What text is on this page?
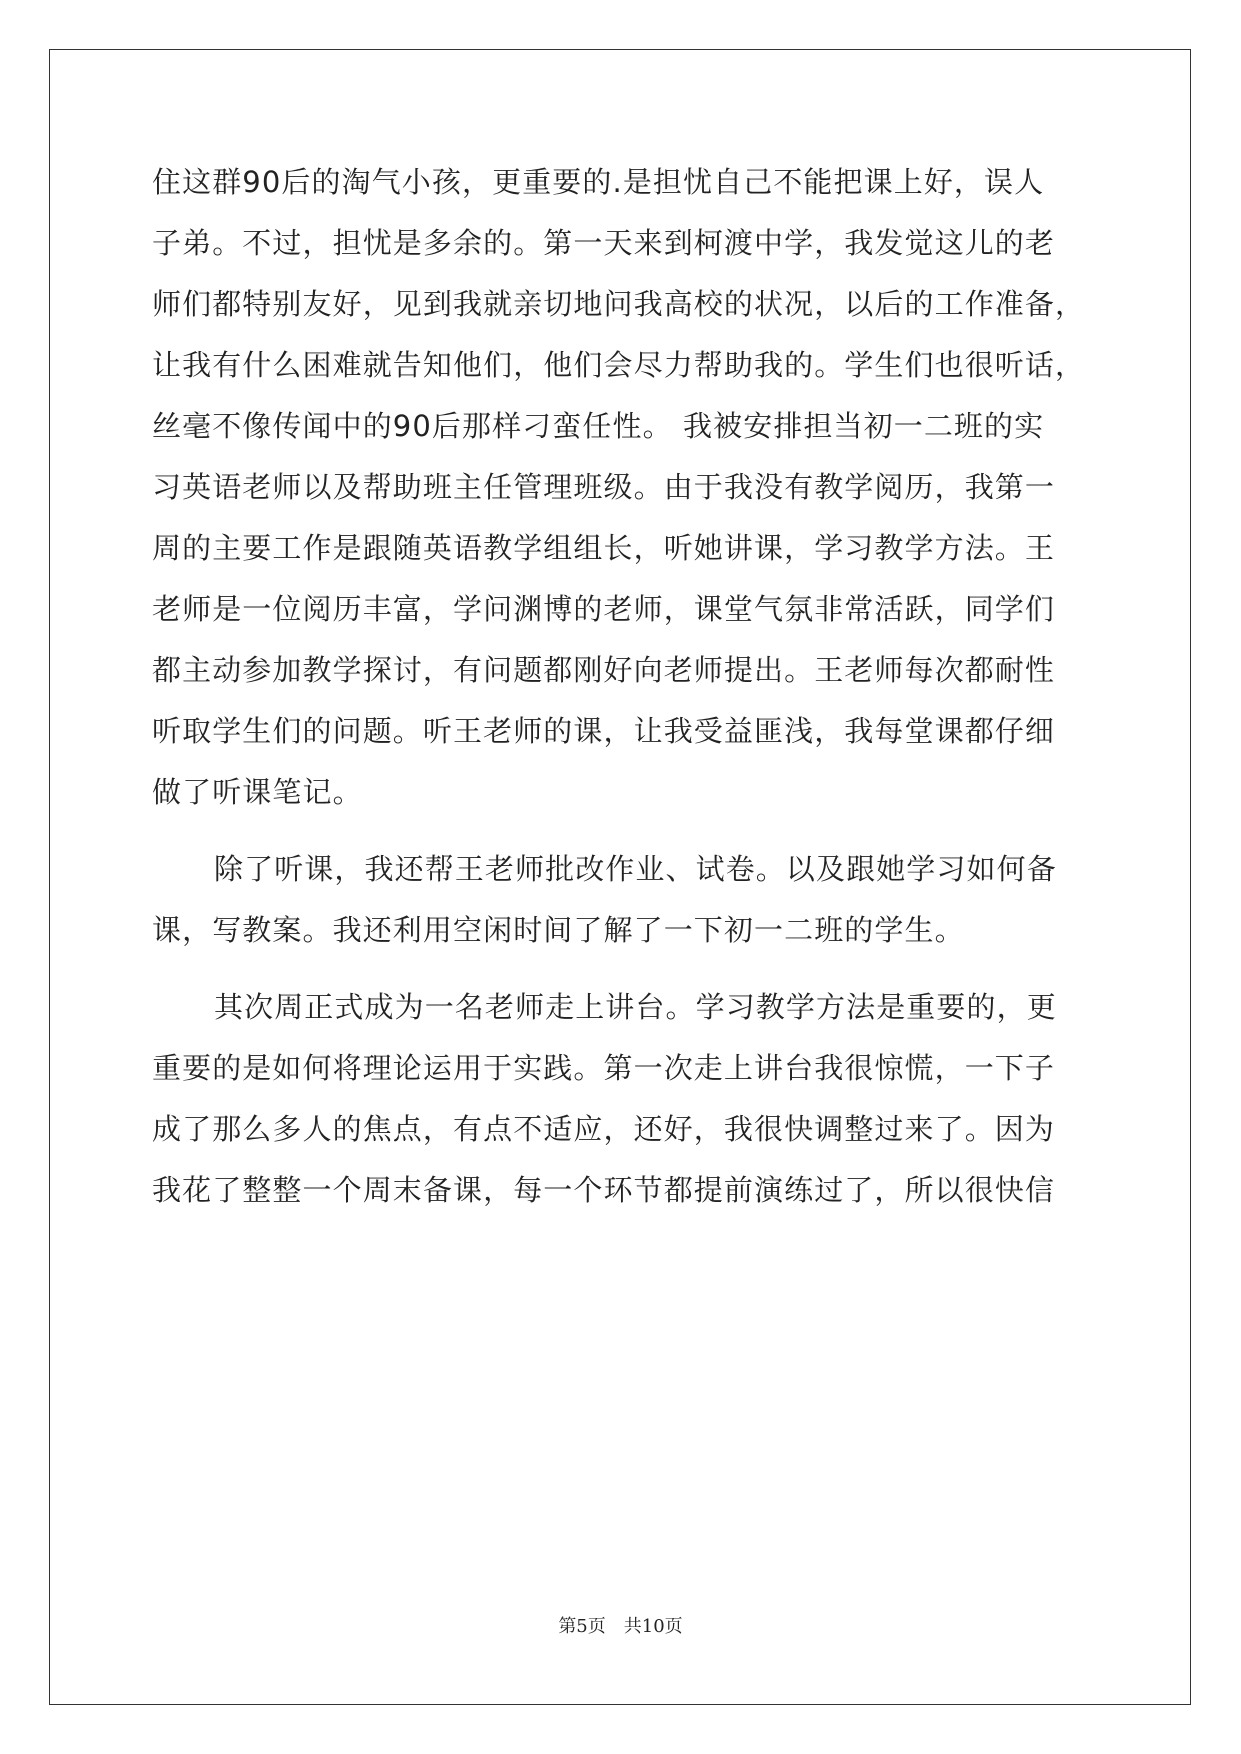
住这群90后的淘气小孩，更重要的.是担忧自己不能把课上好，误人
子弟。不过，担忧是多余的。第一天来到柯渡中学，我发觉这儿的老
师们都特别友好，见到我就亲切地问我高校的状况，以后的工作准备，
让我有什么困难就告知他们，他们会尽力帮助我的。学生们也很听话，
丝毫不像传闻中的90后那样刁蛮任性。 我被安排担当初一二班的实
习英语老师以及帮助班主任管理班级。由于我没有教学阅历，我第一
周的主要工作是跟随英语教学组组长，听她讲课，学习教学方法。王
老师是一位阅历丰富，学问渊博的老师，课堂气氛非常活跃，同学们
都主动参加教学探讨，有问题都刚好向老师提出。王老师每次都耐性
听取学生们的问题。听王老师的课，让我受益匪浅，我每堂课都仔细
做了听课笔记。
除了听课，我还帮王老师批改作业、试卷。以及跟她学习如何备
课，写教案。我还利用空闲时间了解了一下初一二班的学生。
其次周正式成为一名老师走上讲台。学习教学方法是重要的，更
重要的是如何将理论运用于实践。第一次走上讲台我很惊慌，一下子
成了那么多人的焦点，有点不适应，还好，我很快调整过来了。因为
我花了整整一个周末备课，每一个环节都提前演练过了，所以很快信
第5页 共10页
